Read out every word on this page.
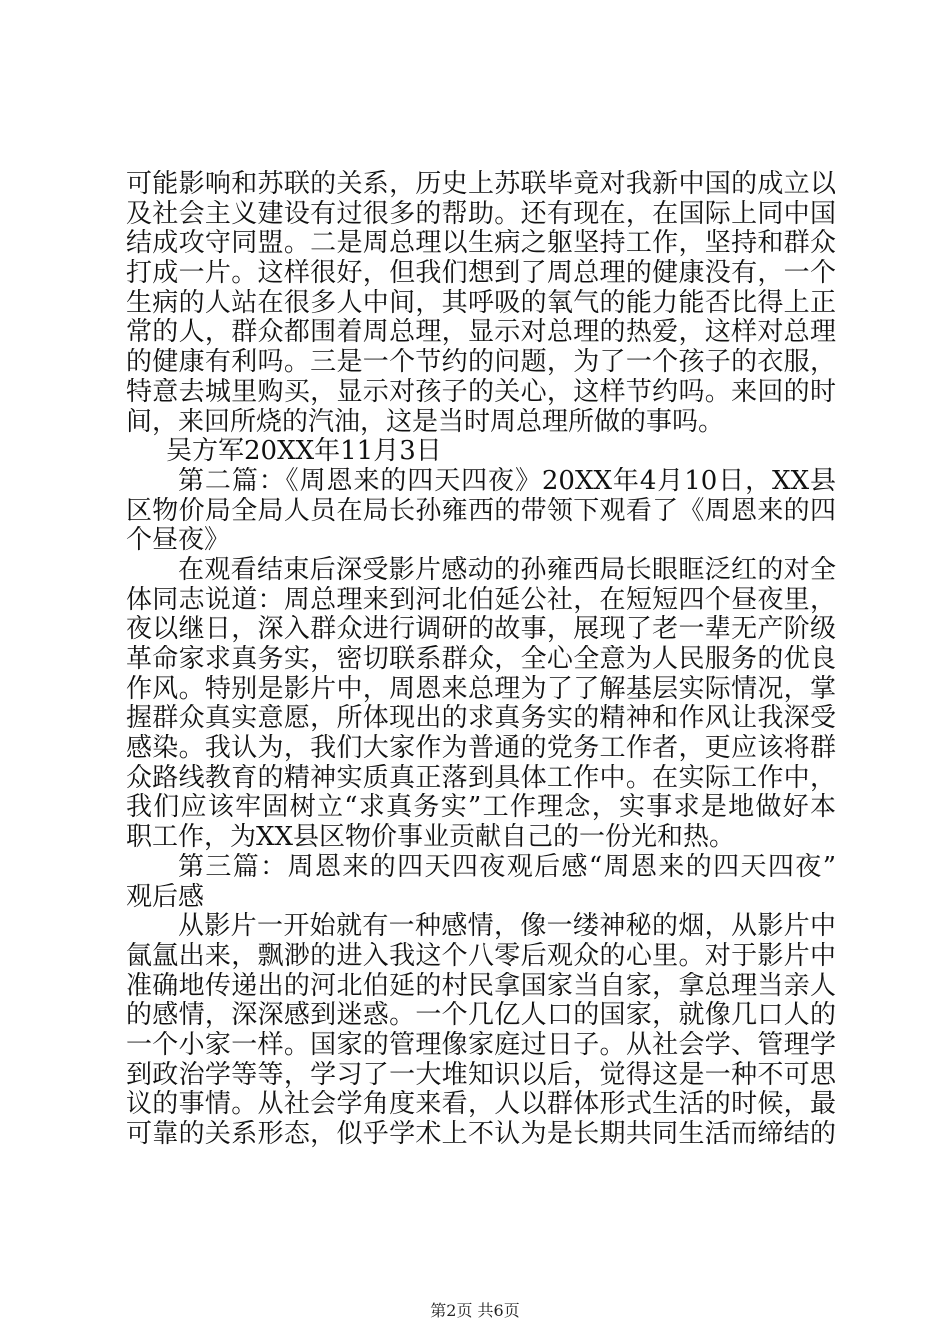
可能影响和苏联的关系，历史上苏联毕竟对我新中国的成立以
及社会主义建设有过很多的帮助。还有现在，在国际上同中国
结成攻守同盟。二是周总理以生病之躯坚持工作，坚持和群众
打成一片。这样很好，但我们想到了周总理的健康没有，一个
生病的人站在很多人中间，其呼吸的氧气的能力能否比得上正
常的人，群众都围着周总理，显示对总理的热爱，这样对总理
的健康有利吗。三是一个节约的问题，为了一个孩子的衣服，
特意去城里购买，显示对孩子的关心，这样节约吗。来回的时
间，来回所烧的汽油，这是当时周总理所做的事吗。
吴方军20XX年11月3日
第二篇：《周恩来的四天四夜》20XX年4月10日，XX县
区物价局全局人员在局长孙雍西的带领下观看了《周恩来的四
个昼夜》
在观看结束后深受影片感动的孙雍西局长眼眶泛红的对全
体同志说道：周总理来到河北伯延公社，在短短四个昼夜里，
夜以继日，深入群众进行调研的故事，展现了老一辈无产阶级
革命家求真务实，密切联系群众，全心全意为人民服务的优良
作风。特别是影片中，周恩来总理为了了解基层实际情况，掌
握群众真实意愿，所体现出的求真务实的精神和作风让我深受
感染。我认为，我们大家作为普通的党务工作者，更应该将群
众路线教育的精神实质真正落到具体工作中。在实际工作中，
我们应该牢固树立“求真务实”工作理念，实事求是地做好本
职工作，为XX县区物价事业贡献自己的一份光和热。
第三篇：周恩来的四天四夜观后感“周恩来的四天四夜”
观后感
从影片一开始就有一种感情，像一缕神秘的烟，从影片中
氤氲出来，飘渺的进入我这个八零后观众的心里。对于影片中
准确地传递出的河北伯延的村民拿国家当自家，拿总理当亲人
的感情，深深感到迷惑。一个几亿人口的国家，就像几口人的
一个小家一样。国家的管理像家庭过日子。从社会学、管理学
到政治学等等，学习了一大堆知识以后，觉得这是一种不可思
议的事情。从社会学角度来看，人以群体形式生活的时候，最
可靠的关系形态，似乎学术上不认为是长期共同生活而缔结的
第2页 共6页
